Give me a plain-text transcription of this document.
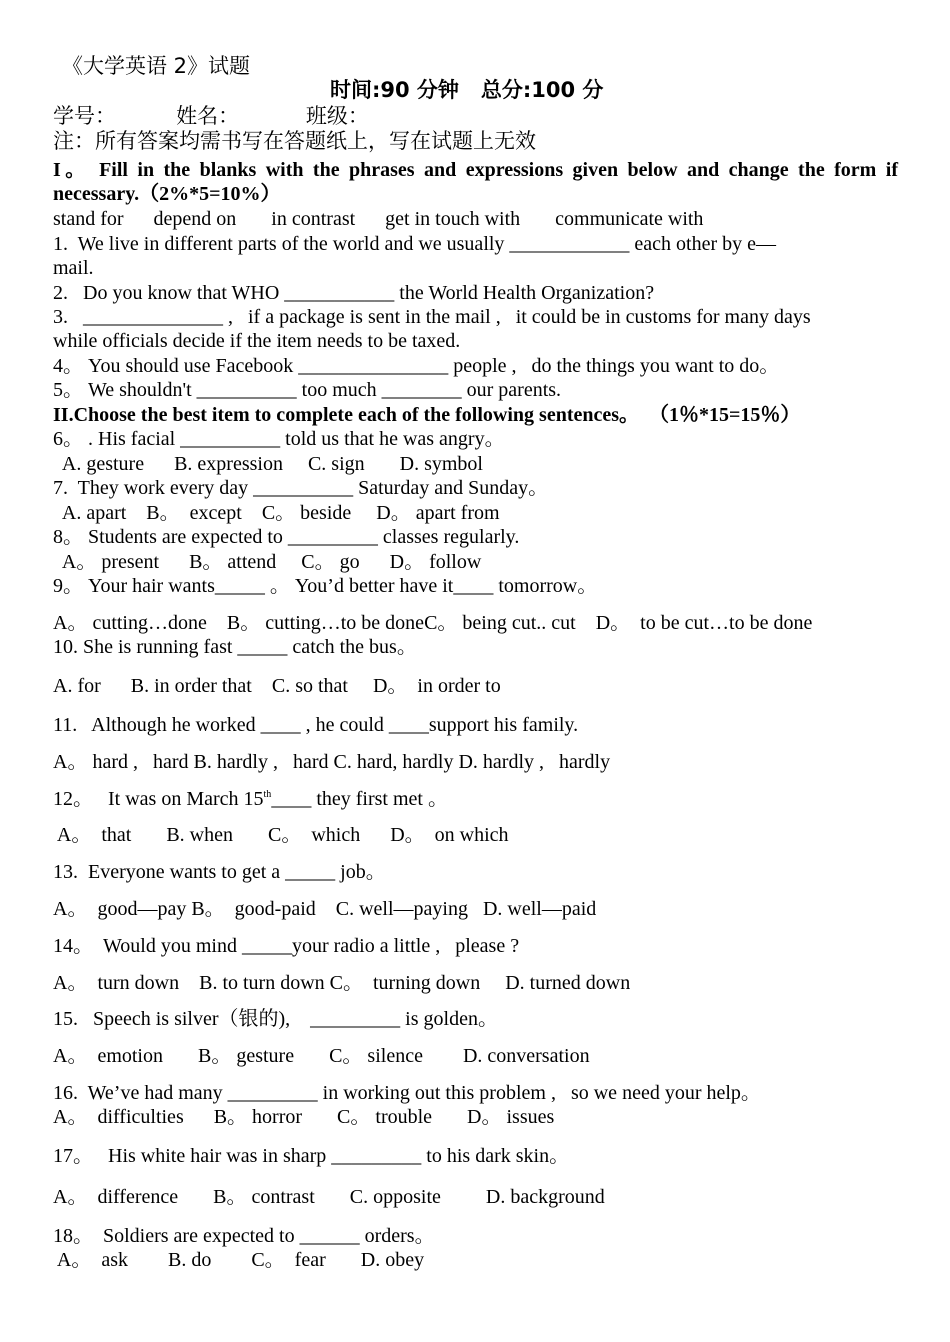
《大学英语 2》试题
时间:90 分钟   总分:100 分
学号：         姓名：          班级：
注：所有答案均需书写在答题纸上，写在试题上无效
I。 Fill in the blanks with the phrases and expressions given below and change the form if necessary.（2%*5=10%）
stand for      depend on       in contrast      get in touch with       communicate with
1.  We live in different parts of the world and we usually ____________ each other by e—
mail.
2.   Do you know that WHO ___________ the World Health Organization?
3.   ______________ ,   if a package is sent in the mail ,   it could be in customs for many days
while officials decide if the item needs to be taxed.
4。 You should use Facebook _______________ people ,   do the things you want to do。
5。 We shouldn't __________ too much ________ our parents.
II.Choose the best item to complete each of the following sentences。  （1％*15=15％）
6。 . His facial __________ told us that he was angry。
A. gesture      B. expression     C. sign       D. symbol
7.  They work every day __________ Saturday and Sunday。
A. apart    B。  except    C。 beside     D。 apart from
8。 Students are expected to _________ classes regularly.
A。 present      B。 attend     C。 go      D。 follow
9。 Your hair wants_____ 。 You’d better have it____ tomorrow。
A。 cutting…done    B。 cutting…to be doneC。 being cut.. cut    D。  to be cut…to be done
10. She is running fast _____ catch the bus。
A. for      B. in order that    C. so that     D。  in order to
11.   Although he worked ____ , he could ____support his family.
A。 hard ,   hard B. hardly ,   hard C. hard, hardly D. hardly ,   hardly
12。   It was on March 15th____ they first met 。
A。  that       B. when       C。  which      D。  on which
13.  Everyone wants to get a _____ job。
A。  good—pay B。  good-paid    C. well—paying   D. well—paid
14。  Would you mind _____your radio a little ,   please ?
A。  turn down    B. to turn down C。  turning down     D. turned down
15.   Speech is silver（银的),    _________ is golden。
A。  emotion       B。 gesture       C。 silence        D. conversation
16.  We’ve had many _________ in working out this problem ,   so we need your help。
A。  difficulties      B。 horror       C。 trouble       D。 issues
17。   His white hair was in sharp _________ to his dark skin。
A。  difference       B。 contrast       C. opposite         D. background
18。  Soldiers are expected to ______ orders。
A。  ask        B. do        C。  fear       D. obey
